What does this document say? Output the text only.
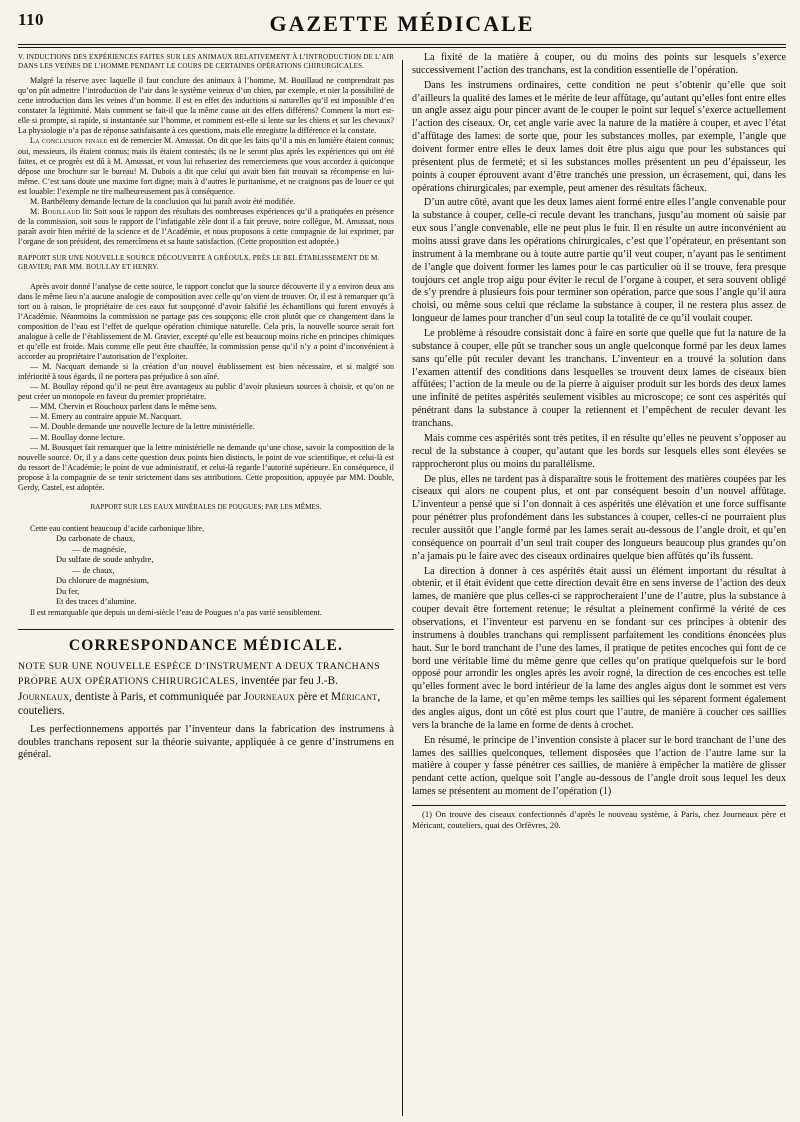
110	GAZETTE MÉDICALE
V. INDUCTIONS DES EXPÉRIENCES FAITES SUR LES ANIMAUX RELATIVEMENT À L’INTRODUCTION DE L’AIR DANS LES VEINES DE L’HOMME PENDANT LE COURS DE CERTAINES OPÉRATIONS CHIRURGICALES.

Malgré la réserve avec laquelle il faut conclure des animaux à l’homme, M. Bouillaud ne comprendrait pas qu’on pût admettre l’introduction de l’air dans le système veineux d’un chien, par exemple, et nier la possibilité de cette introduction dans les veines d’un homme. Il est en effet des inductions si naturelles qu’il est impossible d’en constater la légitimité. Mais comment se fait-il que la même cause ait des effets différens? Comment la mort est-elle si prompte, si rapide, si instantanée sur l’homme, et comment est-elle si lente sur les chiens et sur les chevaux? La physiologie n’a pas de réponse satisfaisante à ces questions, mais elle enregistre la différence et la constate.

La conclusion finale est de remercier M. Amussat. On dit que les faits qu’il a mis en lumière étaient connus; oui, messieurs, ils étaient connus; mais ils étaient contestés; ils ne le seront plus après les expériences qui ont été faites, et ce progrès est dû à M. Amussat, et vous lui refuseriez des remerciemens que vous accordez à quiconque dépose une brochure sur le bureau! M. Dubois a dit que celui qui avait bien fait trouvait sa récompense en lui-même. C’est sans doute une maxime fort digne; mais à d’autres le puritanisme, et ne craignons pas de louer ce qui est louable: l’exemple ne tire malheureusement pas à conséquence.

M. Barthélemy demande lecture de la conclusion qui lui paraît avoir été modifiée.

M. Bouillaud lit: Soit sous le rapport des résultats des nombreuses expériences qu’il a pratiquées en présence de la commission, soit sous le rapport de l’infatigable zèle dont il a fait preuve, notre collègue, M. Amussat, nous paraît avoir bien mérité de la science et de l’Académie, et nous proposons à cette compagnie de lui exprimer, par l’organe de son président, des remercîmens et sa haute satisfaction. (Cette proposition est adoptée.)

RAPPORT SUR UNE NOUVELLE SOURCE DÉCOUVERTE A GRÉOULX, PRÈS LE BEL ÉTABLISSEMENT DE M. GRAVIER; PAR MM. BOULLAY ET HENRY.

Après avoir donné l’analyse de cette source, le rapport conclut que la source découverte il y a environ deux ans dans le même lieu n’a aucune analogie de composition avec celle qu’on vient de trouver. Or, il est à remarquer qu’à tort ou à raison, le propriétaire de ces eaux fut soupçonné d’avoir falsifié les échantillons qui furent envoyés à l’Académie. Néanmoins la commission ne partage pas ces soupçons; elle croit plutôt que ce changement dans la composition de l’eau est l’effet de quelque opération chimique naturelle. Cela pris, la nouvelle source serait fort analogue à celle de l’établissement de M. Gravier, excepté qu’elle est beaucoup moins riche en principes chimiques et qu’elle est froide. Mais comme elle peut être chauffée, la commission pense qu’il n’y a point d’inconvénient à accorder au propriétaire l’autorisation de l’exploiter.

— M. Nacquart demande si la création d’un nouvel établissement est bien nécessaire, et si malgré son infériorité à tous égards, il ne portera pas préjudice à son aîné.

— M. Boullay répond qu’il ne peut être avantageux au public d’avoir plusieurs sources à choisir, et qu’on ne peut créer un monopole en faveur du premier propriétaire.

— MM. Chervin et Rouchoux parlent dans le même sens.

— M. Emery au contraire appuie M. Nacquart.

— M. Double demande une nouvelle lecture de la lettre ministérielle.

— M. Boullay donne lecture.

— M. Bousquet fait remarquer que la lettre ministérielle ne demande qu’une chose, savoir la composition de la nouvelle source. Or, il y a dans cette question deux points bien distincts, le point de vue scientifique, et celui-là est du ressort de l’Académie; le point de vue administratif, et celui-là regarde l’autorité supérieure. En conséquence, il propose à la compagnie de se tenir strictement dans ses attributions. Cette proposition, appuyée par MM. Double, Gerdy, Castel, est adoptée.

RAPPORT SUR LES EAUX MINÉRALES DE POUGUES; PAR LES MÊMES.

Cette eau contient beaucoup d’acide carbonique libre,

Du carbonate de chaux,
— de magnésie,
Du sulfate de soude anhydre,
— de chaux,
Du chlorure de magnésium,
Du fer,
Et des traces d’alumine.

Il est remarquable que depuis un demi-siècle l’eau de Pougues n’a pas varié sensiblement.

CORRESPONDANCE MÉDICALE.
NOTE SUR UNE NOUVELLE ESPÈCE D’INSTRUMENT A DEUX TRANCHANS PROPRE AUX OPÉRATIONS CHIRURGICALES, inventée par feu J.-B. Journeaux, dentiste à Paris, et communiquée par Journeaux père et Méricant, couteliers.

Les perfectionnemens apportés par l’inventeur dans la fabrication des instrumens à doubles tranchans reposent sur la théorie suivante, appliquée à ce genre d’instrumens en général.

La fixité de la matière à couper, ou du moins des points sur lesquels s’exerce successivement l’action des tranchans, est la condition essentielle de l’opération.

Dans les instrumens ordinaires, cette condition ne peut s’obtenir qu’elle que soit d’ailleurs la qualité des lames et le mérite de leur affûtage, qu’autant qu’elles font entre elles un angle assez aigu pour pincer avant de le couper le point sur lequel s’exerce actuellement l’action des ciseaux. Or, cet angle varie avec la nature de la matière à couper, et avec l’état d’affûtage des lames: de sorte que, pour les substances molles, par exemple, l’angle que doivent former entre elles le deux lames doit être plus aigu que pour les substances qui présentent plus de fermeté; et si les substances molles présentent un peu d’épaisseur, les points à couper éprouvent avant d’être tranchés une pression, un écrasement, qui, dans les opérations chirurgicales, par exemple, peut amener des résultats fâcheux.

D’un autre côté, avant que les deux lames aient formé entre elles l’angle convenable pour la substance à couper, celle-ci recule devant les tranchans, jusqu’au moment où saisie par eux sous l’angle convenable, elle ne peut plus le fuir. Il en résulte un autre inconvénient au moins aussi grave dans les opérations chirurgicales, c’est que l’opérateur, en présentant son instrument à la membrane ou à toute autre partie qu’il veut couper, n’ayant pas le sentiment de l’angle que doivent former les lames pour le cas particulier où il se trouve, fera presque toujours cet angle trop aigu pour éviter le recul de l’organe à couper, et sera souvent obligé de s’y prendre à plusieurs fois pour terminer son opération, parce que sous l’angle qu’il aura choisi, ou même sous celui que réclame la substance à couper, il ne restera plus assez de longueur de lames pour trancher d’un seul coup la totalité de ce qu’il voulait couper.

Le problème à résoudre consistait donc à faire en sorte que quelle que fut la nature de la substance à couper, elle pût se trancher sous un angle quelconque formé par les deux lames sans qu’elle pût reculer devant les tranchans. L’inventeur en a trouvé la solution dans l’examen attentif des conditions dans lesquelles se trouvent deux lames de ciseaux bien affûtées; l’action de la meule ou de la pierre à aiguiser produit sur les bords des deux lames une infinité de petites aspérités seulement visibles au microscope; ce sont ces aspérités qui pénétrant dans la substance à couper la retiennent et l’empêchent de reculer devant les tranchans.

Mais comme ces aspérités sont très petites, il en résulte qu’elles ne peuvent s’opposer au recul de la substance à couper, qu’autant que les bords sur lesquels elles sont élevées se rapprocheront plus ou moins du parallélisme.

De plus, elles ne tardent pas à disparaître sous le frottement des matières coupées par les ciseaux qui alors ne coupent plus, et ont par conséquent besoin d’un nouvel affûtage. L’inventeur a pensé que si l’on donnait à ces aspérités une élévation et une force suffisante pour pénétrer plus profondément dans les substances à couper, celles-ci ne pourraient plus reculer aussitôt que l’angle formé par les lames serait au-dessous de l’angle droit, et qu’en conséquence on pourrait d’un seul trait couper des longueurs beaucoup plus grandes qu’on n’a jamais pu le faire avec des ciseaux ordinaires quelque bien affûtés qu’ils fussent.

La direction à donner à ces aspérités était aussi un élément important du résultat à obtenir, et il était évident que cette direction devait être en sens inverse de l’action des deux lames, de manière que plus celles-ci se rapprocheraient l’une de l’autre, plus la substance à couper devait être fortement retenue; le résultat a pleinement confirmé la vérité de ces observations, et l’inventeur est parvenu en se fondant sur ces principes à obtenir des instrumens à doubles tranchans qui remplissent parfaitement les conditions énoncées plus haut. Sur le bord tranchant de l’une des lames, il pratique de petites encoches qui font de ce bord une véritable lime du même genre que celles qu’on pratique quelquefois sur le bord opposé pour arrondir les ongles après les avoir rogné, la direction de ces encoches est telle qu’elles forment avec le bord intérieur de la lame des angles aigus dont le sommet est vers la branche de la lame, et qu’en même temps les saillies qui les séparent forment également des angles aigus, dont un côté est plus court que l’autre, de manière à coucher ces saillies vers la branche de la lame en forme de dents à crochet.

En résumé, le principe de l’invention consiste à placer sur le bord tranchant de l’une des lames des saillies quelconques, tellement disposées que l’action de l’autre lame sur la matière à couper y fasse pénétrer ces saillies, de manière à empêcher la matière de glisser pendant cette action, quelque soit l’angle au-dessous de l’angle droit sous lequel les deux lames se présentent au moment de l’opération (1)

(1) On trouve des ciseaux confectionnés d’après le nouveau système, à Paris, chez Journeaux père et Méricant, couteliers, quai des Orfèvres, 20.
